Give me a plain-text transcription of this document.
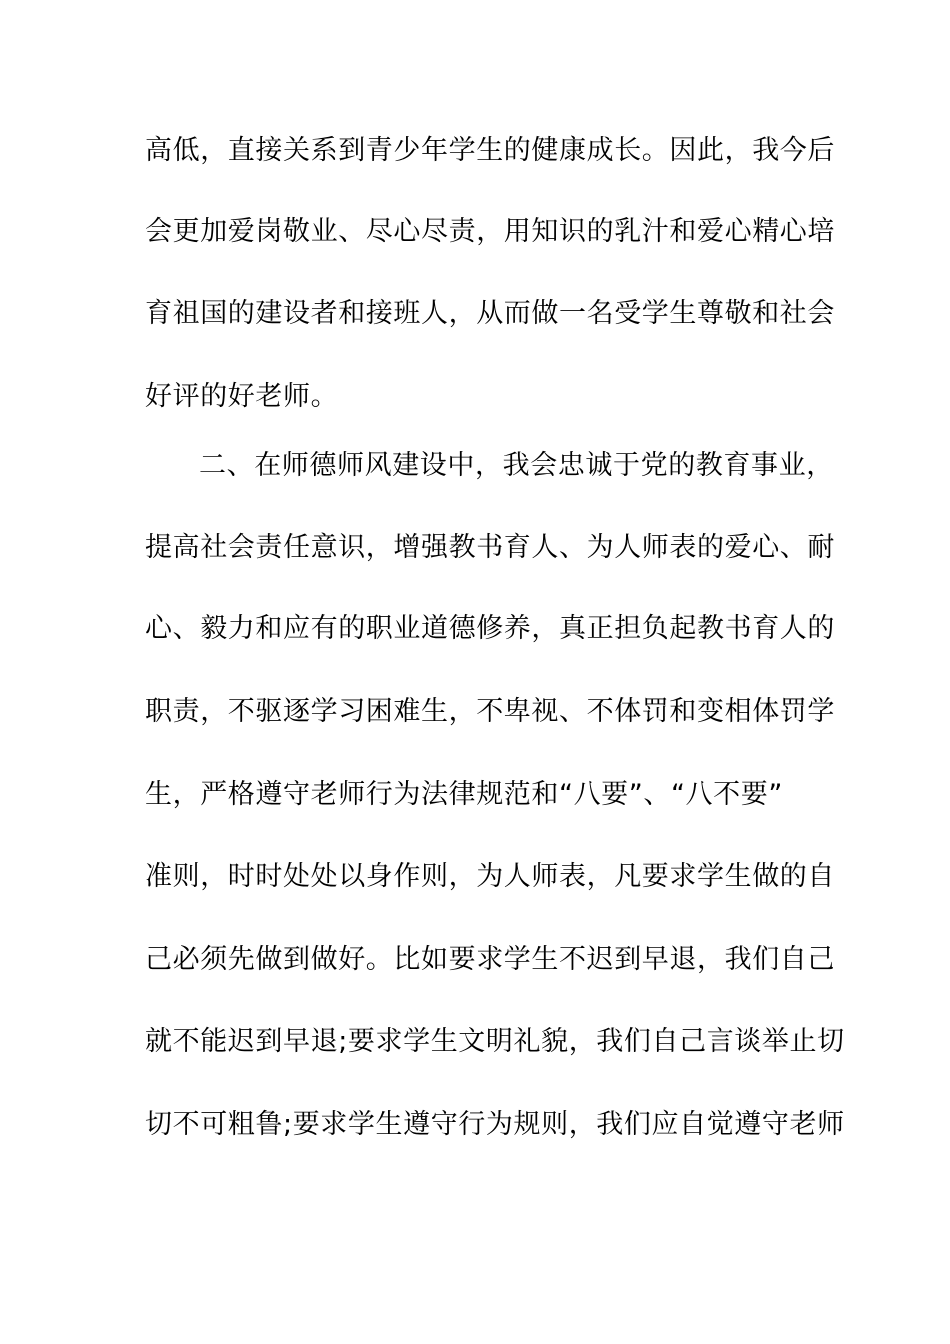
高低，直接关系到青少年学生的健康成长。因此，我今后
会更加爱岗敬业、尽心尽责，用知识的乳汁和爱心精心培
育祖国的建设者和接班人，从而做一名受学生尊敬和社会
好评的好老师。
二、在师德师风建设中，我会忠诚于党的教育事业，
提高社会责任意识，增强教书育人、为人师表的爱心、耐
心、毅力和应有的职业道德修养，真正担负起教书育人的
职责，不驱逐学习困难生，不卑视、不体罚和变相体罚学
生，严格遵守老师行为法律规范和“八要”、“八不要”
准则，时时处处以身作则，为人师表，凡要求学生做的自
己必须先做到做好。比如要求学生不迟到早退，我们自己
就不能迟到早退;要求学生文明礼貌，我们自己言谈举止切
切不可粗鲁;要求学生遵守行为规则，我们应自觉遵守老师
